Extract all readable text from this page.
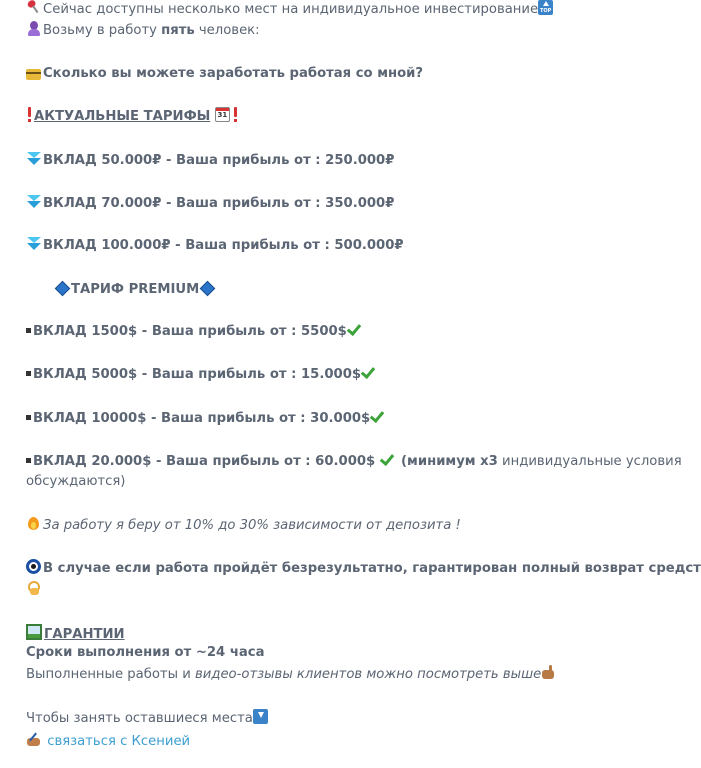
Сейчас доступны несколько мест на индивидуальное инвестирование TOP
Возьму в работу пять человек:
Сколько вы можете заработать работая со мной?
АКТУАЛЬНЫЕ ТАРИФЫ 31
ВКЛАД 50.000₽ - Ваша прибыль от : 250.000₽
ВКЛАД 70.000₽ - Ваша прибыль от : 350.000₽
ВКЛАД 100.000₽ - Ваша прибыль от : 500.000₽
ТАРИФ PREMIUM
ВКЛАД 1500$ - Ваша прибыль от : 5500$
ВКЛАД 5000$ - Ваша прибыль от : 15.000$
ВКЛАД 10000$ - Ваша прибыль от : 30.000$
ВКЛАД 20.000$ - Ваша прибыль от : 60.000$  (минимум х3 индивидуальные условия
обсуждаются)
За работу я беру от 10% до 30% зависимости от депозита !
В случае если работа пройдёт безрезультатно, гарантирован полный возврат средст
ГАРАНТИИ
Сроки выполнения от ~24 часа
Выполненные работы и видео-отзывы клиентов можно посмотреть выше
Чтобы занять оставшиеся места
связаться с Ксенией
